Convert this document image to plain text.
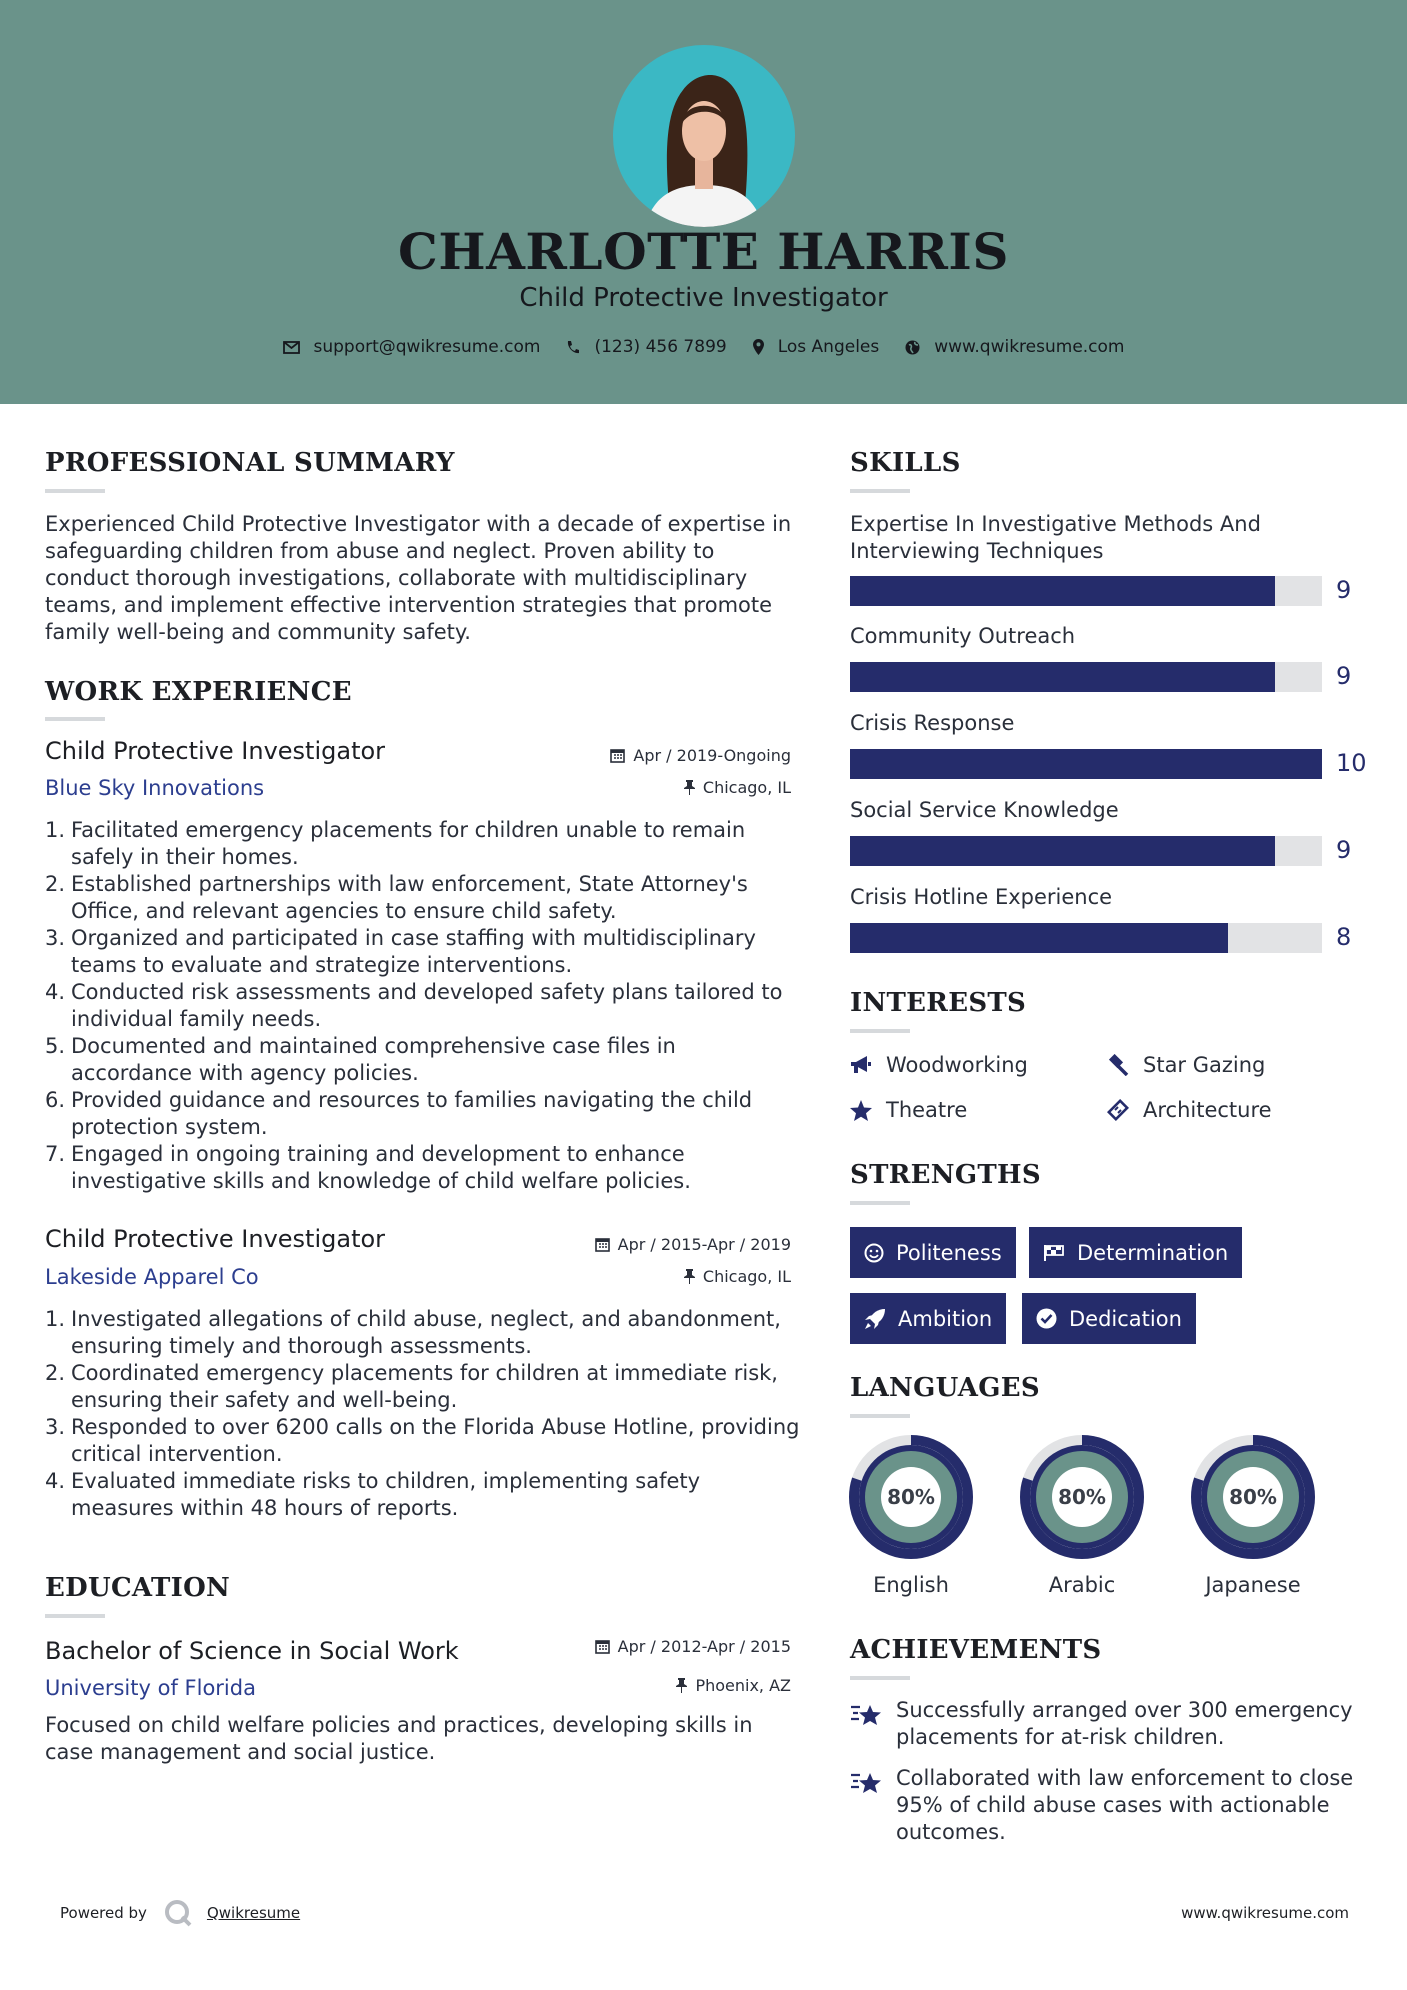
CHARLOTTE HARRIS
Child Protective Investigator
support@qwikresume.com	(123) 456 7899	Los Angeles	www.qwikresume.com
PROFESSIONAL SUMMARY
Experienced Child Protective Investigator with a decade of expertise in
safeguarding children from abuse and neglect. Proven ability to
conduct thorough investigations, collaborate with multidisciplinary
teams, and implement effective intervention strategies that promote
family well-being and community safety.
WORK EXPERIENCE
Child Protective Investigator
Blue Sky Innovations
Apr / 2019-Ongoing
Chicago, IL
1. Facilitated emergency placements for children unable to remain
safely in their homes.
2. Established partnerships with law enforcement, State Attorney's
Office, and relevant agencies to ensure child safety.
3. Organized and participated in case staffing with multidisciplinary
teams to evaluate and strategize interventions.
4. Conducted risk assessments and developed safety plans tailored to
individual family needs.
5. Documented and maintained comprehensive case files in
accordance with agency policies.
6. Provided guidance and resources to families navigating the child
protection system.
7. Engaged in ongoing training and development to enhance
investigative skills and knowledge of child welfare policies.
Child Protective Investigator
Lakeside Apparel Co
Apr / 2015-Apr / 2019
Chicago, IL
1. Investigated allegations of child abuse, neglect, and abandonment,
ensuring timely and thorough assessments.
2. Coordinated emergency placements for children at immediate risk,
ensuring their safety and well-being.
3. Responded to over 6200 calls on the Florida Abuse Hotline, providing
critical intervention.
4. Evaluated immediate risks to children, implementing safety
measures within 48 hours of reports.
EDUCATION
Bachelor of Science in Social Work
University of Florida
Apr / 2012-Apr / 2015
Phoenix, AZ
Focused on child welfare policies and practices, developing skills in
case management and social justice.
SKILLS
Expertise In Investigative Methods And
Interviewing Techniques
9
Community Outreach
9
Crisis Response
10
Social Service Knowledge
9
Crisis Hotline Experience
8
INTERESTS
Woodworking	Star Gazing
Theatre	Architecture
STRENGTHS
Politeness	Determination
Ambition	Dedication
LANGUAGES
80%
English
80%
Arabic
80%
Japanese
ACHIEVEMENTS
Successfully arranged over 300 emergency
placements for at-risk children.
Collaborated with law enforcement to close
95% of child abuse cases with actionable
outcomes.
Powered by	Qwikresume	www.qwikresume.com
